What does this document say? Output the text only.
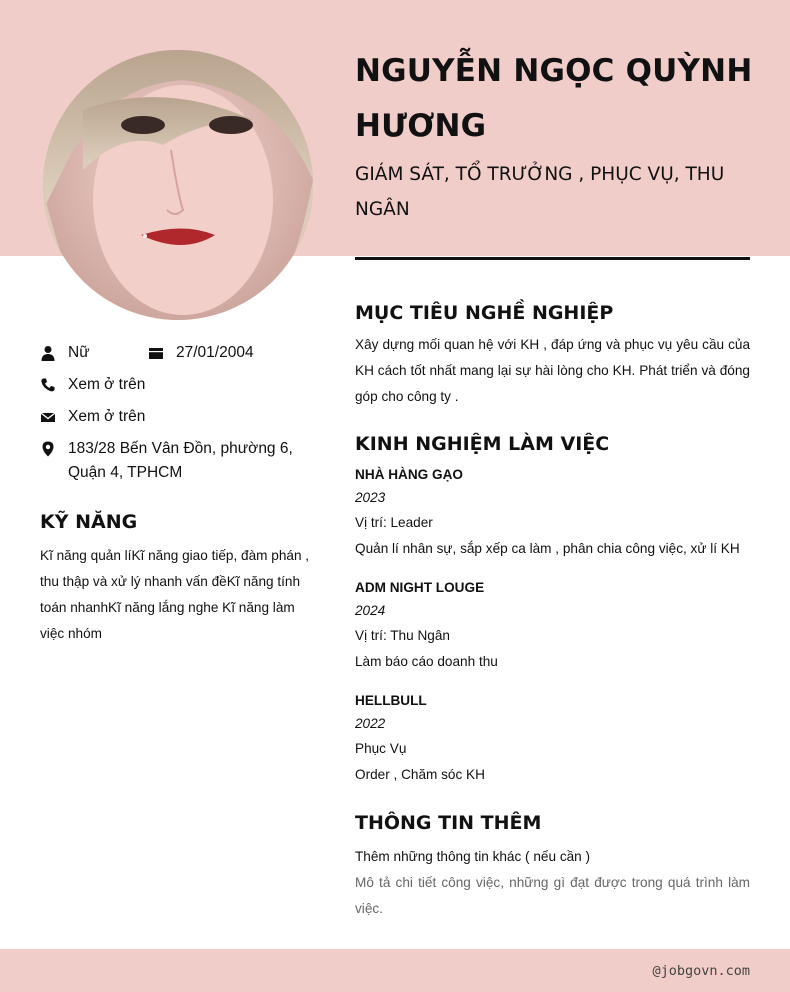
NGUYỄN NGỌC QUỲNH HƯƠNG
GIÁM SÁT, TỔ TRƯỞNG , PHỤC VỤ, THU NGÂN
Nữ	27/01/2004
Xem ở trên
Xem ở trên
183/28 Bến Vân Đồn, phường 6, Quận 4, TPHCM
KỸ NĂNG
Kĩ năng quản líKĩ năng giao tiếp, đàm phán , thu thập và xử lý nhanh vấn đềKĩ năng tính toán nhanhKĩ năng lắng nghe Kĩ năng làm việc nhóm
MỤC TIÊU NGHỀ NGHIỆP
Xây dựng mối quan hệ với KH , đáp ứng và phục vụ yêu cầu của KH cách tốt nhất mang lại sự hài lòng cho KH. Phát triển và đóng góp cho công ty .
KINH NGHIỆM LÀM VIỆC
NHÀ HÀNG GẠO
2023
Vị trí: Leader
Quản lí nhân sự, sắp xếp ca làm , phân chia công việc, xử lí KH
ADM NIGHT LOUGE
2024
Vị trí: Thu Ngân
Làm báo cáo doanh thu
HELLBULL
2022
Phục Vụ
Order , Chăm sóc KH
THÔNG TIN THÊM
Thêm những thông tin khác ( nếu cần )
Mô tả chi tiết công việc, những gì đạt được trong quá trình làm việc.
@jobgovn.com
